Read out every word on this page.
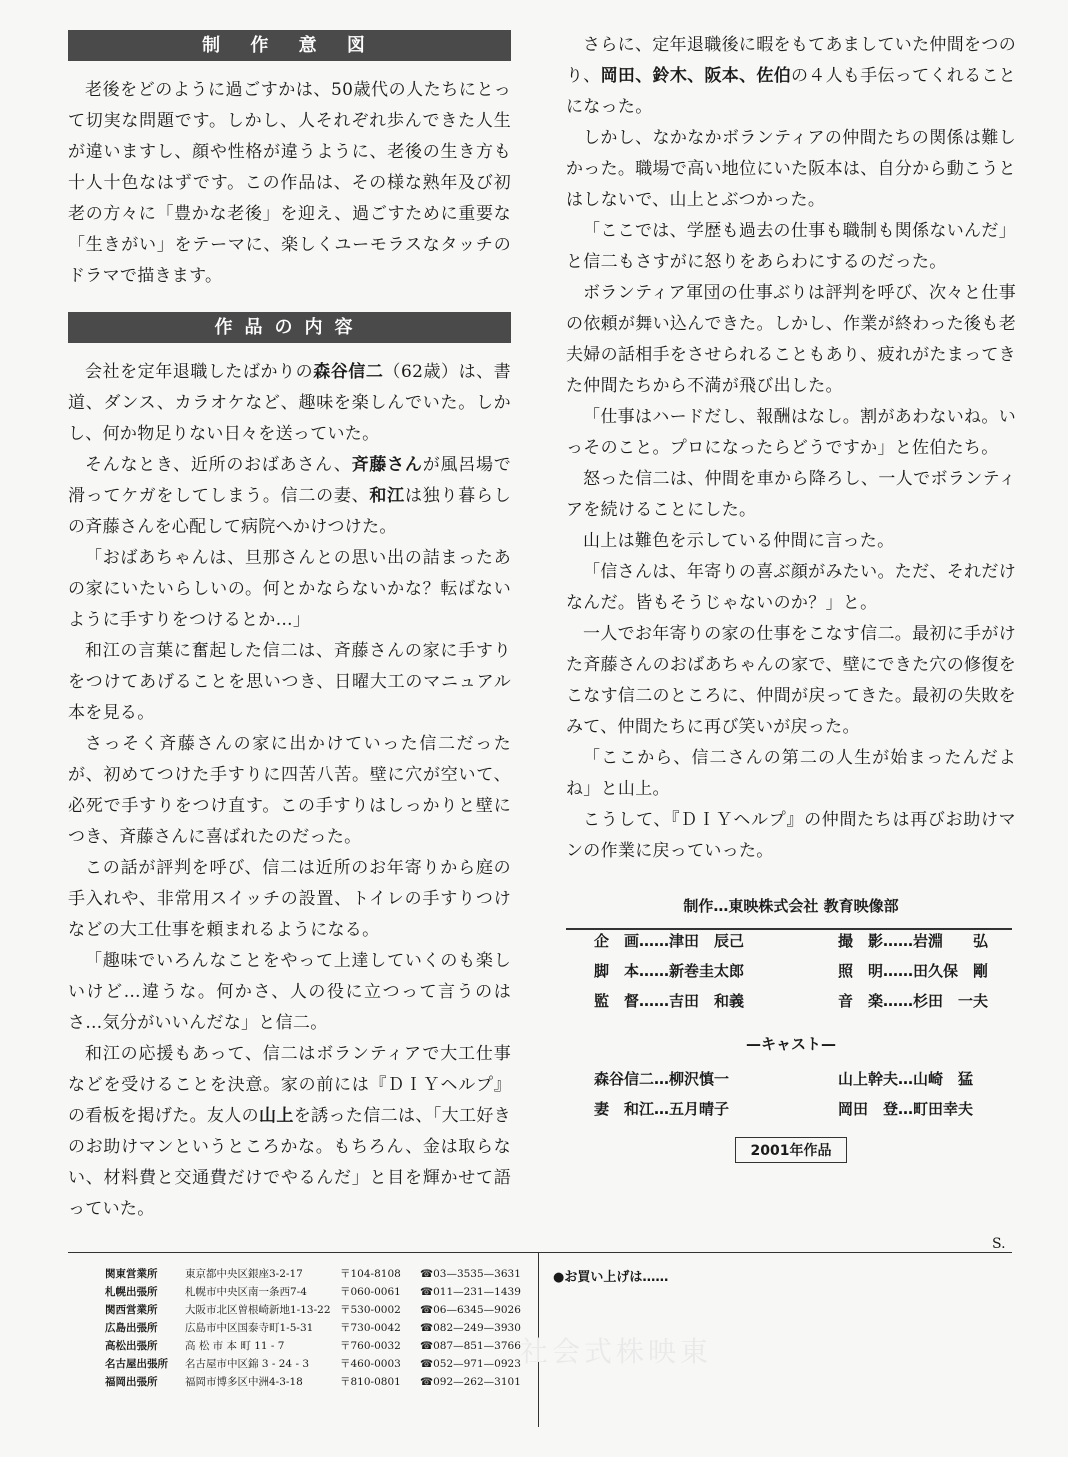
制 作 意 図

老後をどのように過ごすかは、50歳代の人たちにとって切実な問題です。しかし、人それぞれ歩んできた人生が違いますし、顔や性格が違うように、老後の生き方も十人十色なはずです。この作品は、その様な熟年及び初老の方々に「豊かな老後」を迎え、過ごすために重要な「生きがい」をテーマに、楽しくユーモラスなタッチのドラマで描きます。

作品の内容

会社を定年退職したばかりの森谷信二（62歳）は、書道、ダンス、カラオケなど、趣味を楽しんでいた。しかし、何か物足りない日々を送っていた。

そんなとき、近所のおばあさん、斉藤さんが風呂場で滑ってケガをしてしまう。信二の妻、和江は独り暮らしの斉藤さんを心配して病院へかけつけた。

「おばあちゃんは、旦那さんとの思い出の詰まったあの家にいたいらしいの。何とかならないかな？転ばないように手すりをつけるとか…」

和江の言葉に奮起した信二は、斉藤さんの家に手すりをつけてあげることを思いつき、日曜大工のマニュアル本を見る。

さっそく斉藤さんの家に出かけていった信二だったが、初めてつけた手すりに四苦八苦。壁に穴が空いて、必死で手すりをつけ直す。この手すりはしっかりと壁につき、斉藤さんに喜ばれたのだった。

この話が評判を呼び、信二は近所のお年寄りから庭の手入れや、非常用スイッチの設置、トイレの手すりつけなどの大工仕事を頼まれるようになる。

「趣味でいろんなことをやって上達していくのも楽しいけど…違うな。何かさ、人の役に立つって言うのはさ…気分がいいんだな」と信二。

和江の応援もあって、信二はボランティアで大工仕事などを受けることを決意。家の前には『ＤＩＹヘルプ』の看板を掲げた。友人の山上を誘った信二は、「大工好きのお助けマンというところかな。もちろん、金は取らない、材料費と交通費だけでやるんだ」と目を輝かせて語っていた。

さらに、定年退職後に暇をもてあましていた仲間をつのり、岡田、鈴木、阪本、佐伯の４人も手伝ってくれることになった。

しかし、なかなかボランティアの仲間たちの関係は難しかった。職場で高い地位にいた阪本は、自分から動こうとはしないで、山上とぶつかった。

「ここでは、学歴も過去の仕事も職制も関係ないんだ」と信二もさすがに怒りをあらわにするのだった。

ボランティア軍団の仕事ぶりは評判を呼び、次々と仕事の依頼が舞い込んできた。しかし、作業が終わった後も老夫婦の話相手をさせられることもあり、疲れがたまってきた仲間たちから不満が飛び出した。

「仕事はハードだし、報酬はなし。割があわないね。いっそのこと。プロになったらどうですか」と佐伯たち。

怒った信二は、仲間を車から降ろし、一人でボランティアを続けることにした。

山上は難色を示している仲間に言った。

「信さんは、年寄りの喜ぶ顔がみたい。ただ、それだけなんだ。皆もそうじゃないのか？」と。

一人でお年寄りの家の仕事をこなす信二。最初に手がけた斉藤さんのおばあちゃんの家で、壁にできた穴の修復をこなす信二のところに、仲間が戻ってきた。最初の失敗をみて、仲間たちに再び笑いが戻った。

「ここから、信二さんの第二の人生が始まったんだよね」と山上。

こうして、『ＤＩＹヘルプ』の仲間たちは再びお助けマンの作業に戻っていった。

制作…東映株式会社 教育映像部
企　画……津田　辰己	撮　影……岩淵　　弘
脚　本……新巻圭太郎	照　明……田久保　剛
監　督……吉田　和義	音　楽……杉田　一夫
—キャスト—
森谷信二…柳沢慎一	山上幹夫…山崎　猛
妻　和江…五月晴子	岡田　登…町田幸夫
2001年作品
S.
関東営業所	東京都中央区銀座3-2-17	〒104-8108	☎03—3535—3631
札幌出張所	札幌市中央区南一条西7-4	〒060-0061	☎011—231—1439
関西営業所	大阪市北区曽根崎新地1-13-22 〒530-0002	☎06—6345—9026
広島出張所	広島市中区国泰寺町1-5-31	〒730-0042	☎082—249—3930
高松出張所	高 松 市 本 町 11 - 7	〒760-0032	☎087—851—3766
名古屋出張所	名古屋市中区錦 3 - 24 - 3	〒460-0003	☎052—971—0923
福岡出張所	福岡市博多区中洲4-3-18	〒810-0801	☎092—262—3101
●お買い上げは……
社会式株映東
